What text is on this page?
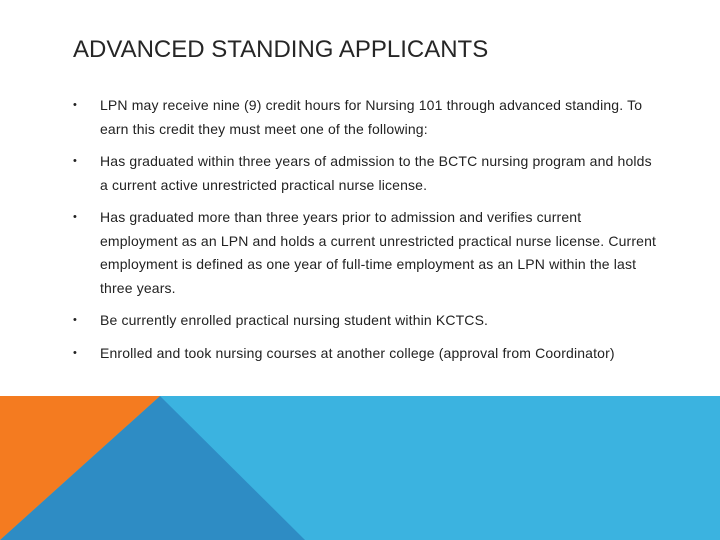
ADVANCED STANDING APPLICANTS
• LPN may receive nine (9) credit hours for Nursing 101 through advanced standing. To earn this credit they must meet one of the following:
• Has graduated within three years of admission to the BCTC nursing program and holds a current active unrestricted practical nurse license.
• Has graduated more than three years prior to admission and verifies current employment as an LPN and holds a current unrestricted practical nurse license. Current employment is defined as one year of full-time employment as an LPN within the last three years.
• Be currently enrolled practical nursing student within KCTCS.
• Enrolled and took nursing courses at another college (approval from Coordinator)
